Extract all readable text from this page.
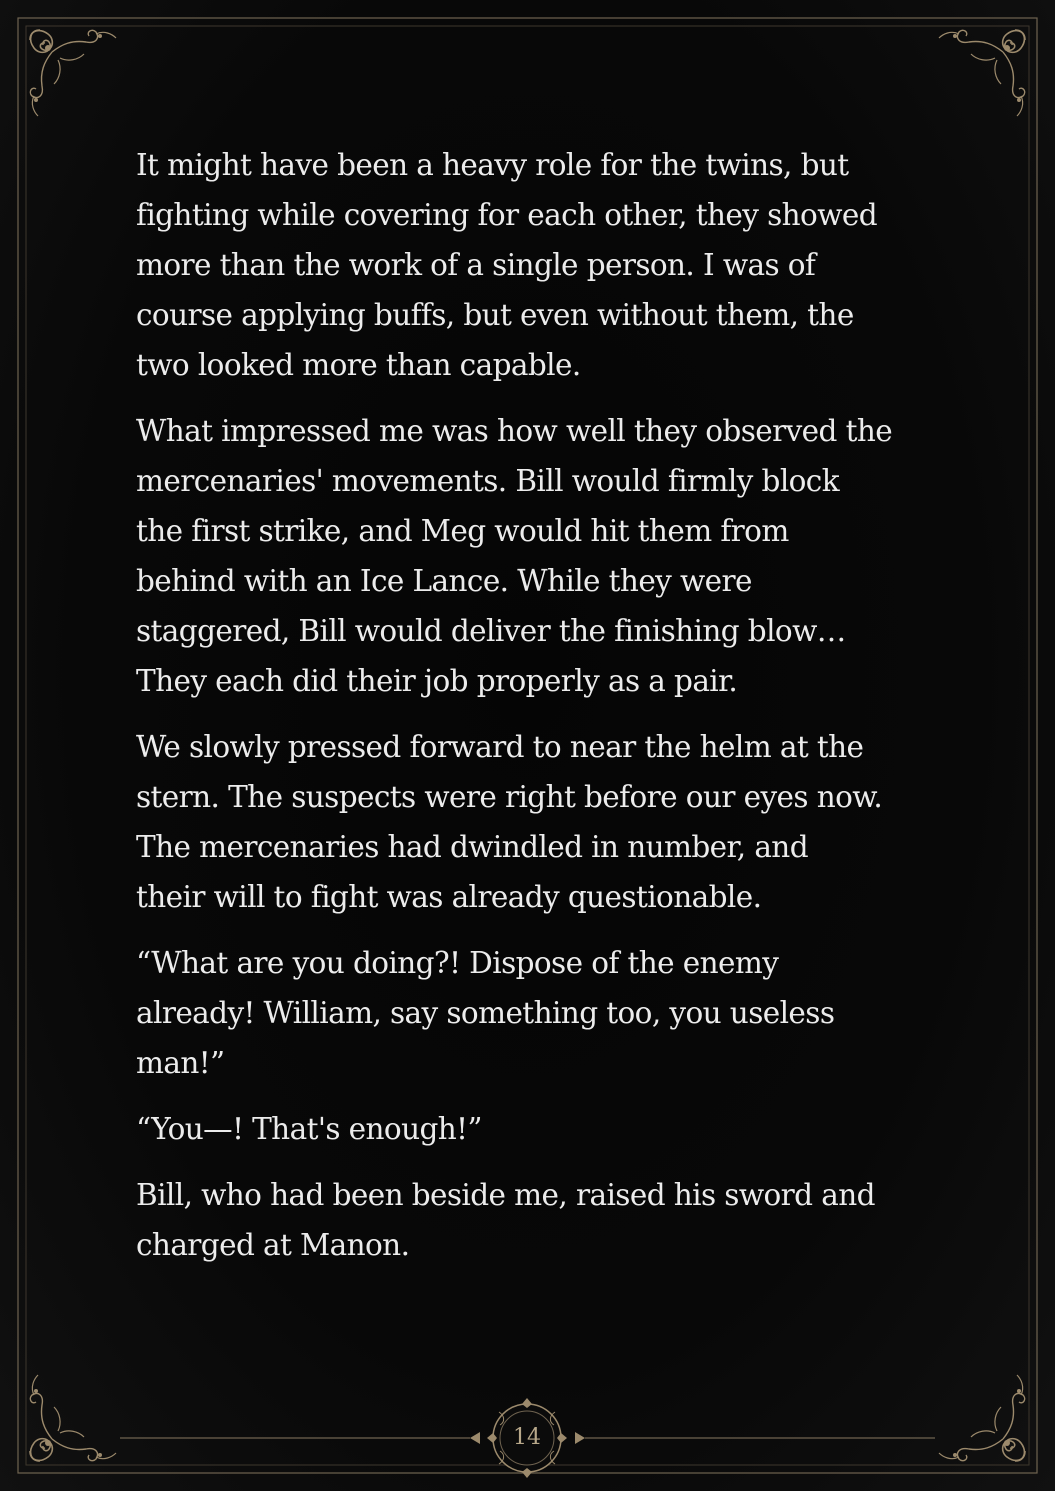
It might have been a heavy role for the twins, but
fighting while covering for each other, they showed
more than the work of a single person. I was of
course applying buffs, but even without them, the
two looked more than capable.

What impressed me was how well they observed the
mercenaries' movements. Bill would firmly block
the first strike, and Meg would hit them from
behind with an Ice Lance. While they were
staggered, Bill would deliver the finishing blow…
They each did their job properly as a pair.

We slowly pressed forward to near the helm at the
stern. The suspects were right before our eyes now.
The mercenaries had dwindled in number, and
their will to fight was already questionable.

“What are you doing?! Dispose of the enemy
already! William, say something too, you useless
man!”

“You—! That's enough!”

Bill, who had been beside me, raised his sword and
charged at Manon.

14
